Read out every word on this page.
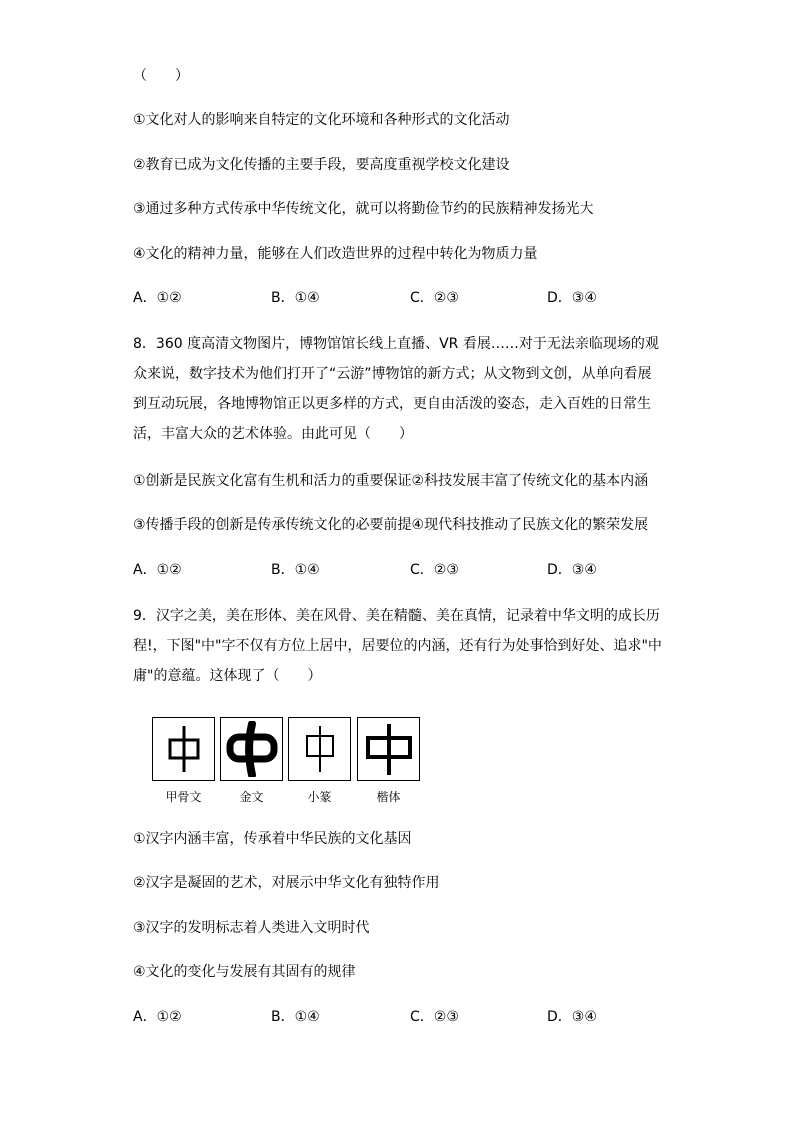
（　　）
①文化对人的影响来自特定的文化环境和各种形式的文化活动
②教育已成为文化传播的主要手段，要高度重视学校文化建设
③通过多种方式传承中华传统文化，就可以将勤俭节约的民族精神发扬光大
④文化的精神力量，能够在人们改造世界的过程中转化为物质力量
A．①②	B．①④	C．②③	D．③④
8．360 度高清文物图片，博物馆馆长线上直播、VR 看展……对于无法亲临现场的观
众来说，数字技术为他们打开了“云游”博物馆的新方式；从文物到文创，从单向看展
到互动玩展，各地博物馆正以更多样的方式，更自由活泼的姿态，走入百姓的日常生
活，丰富大众的艺术体验。由此可见（　　）
①创新是民族文化富有生机和活力的重要保证②科技发展丰富了传统文化的基本内涵
③传播手段的创新是传承传统文化的必要前提④现代科技推动了民族文化的繁荣发展
A．①②	B．①④	C．②③	D．③④
9．汉字之美，美在形体、美在风骨、美在精髓、美在真情，记录着中华文明的成长历
程!，下图"中"字不仅有方位上居中，居要位的内涵，还有行为处事恰到好处、追求"中
庸"的意蕴。这体现了（　　）
甲骨文	金文	小篆	楷体
①汉字内涵丰富，传承着中华民族的文化基因
②汉字是凝固的艺术，对展示中华文化有独特作用
③汉字的发明标志着人类进入文明时代
④文化的变化与发展有其固有的规律
A．①②	B．①④	C．②③	D．③④
